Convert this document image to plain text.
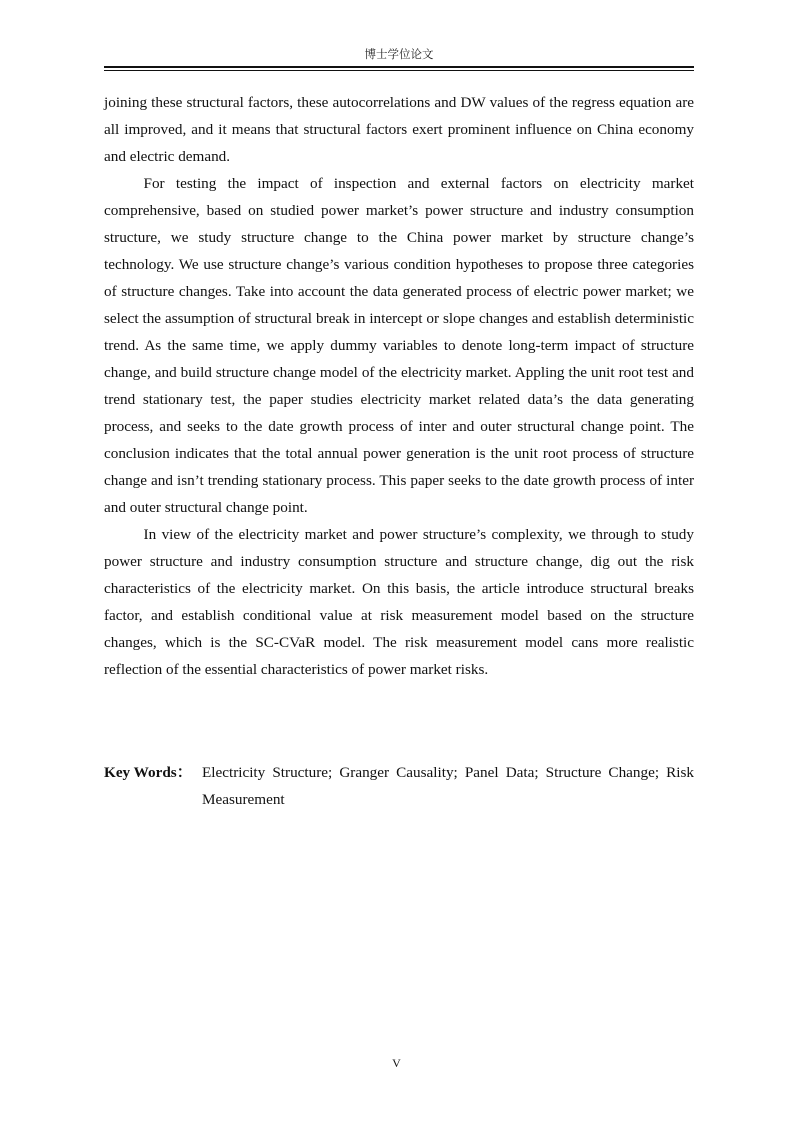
博士学位论文

joining these structural factors, these autocorrelations and DW values of the regress equation are all improved, and it means that structural factors exert prominent influence on China economy and electric demand.

For testing the impact of inspection and external factors on electricity market comprehensive, based on studied power market’s power structure and industry consumption structure, we study structure change to the China power market by structure change’s technology. We use structure change’s various condition hypotheses to propose three categories of structure changes. Take into account the data generated process of electric power market; we select the assumption of structural break in intercept or slope changes and establish deterministic trend. As the same time, we apply dummy variables to denote long-term impact of structure change, and build structure change model of the electricity market. Appling the unit root test and trend stationary test, the paper studies electricity market related data’s the data generating process, and seeks to the date growth process of inter and outer structural change point. The conclusion indicates that the total annual power generation is the unit root process of structure change and isn’t trending stationary process. This paper seeks to the date growth process of inter and outer structural change point.

In view of the electricity market and power structure’s complexity, we through to study power structure and industry consumption structure and structure change, dig out the risk characteristics of the electricity market. On this basis, the article introduce structural breaks factor, and establish conditional value at risk measurement model based on the structure changes, which is the SC-CVaR model. The risk measurement model cans more realistic reflection of the essential characteristics of power market risks.

Key Words： Electricity Structure; Granger Causality; Panel Data; Structure Change; Risk Measurement
V
